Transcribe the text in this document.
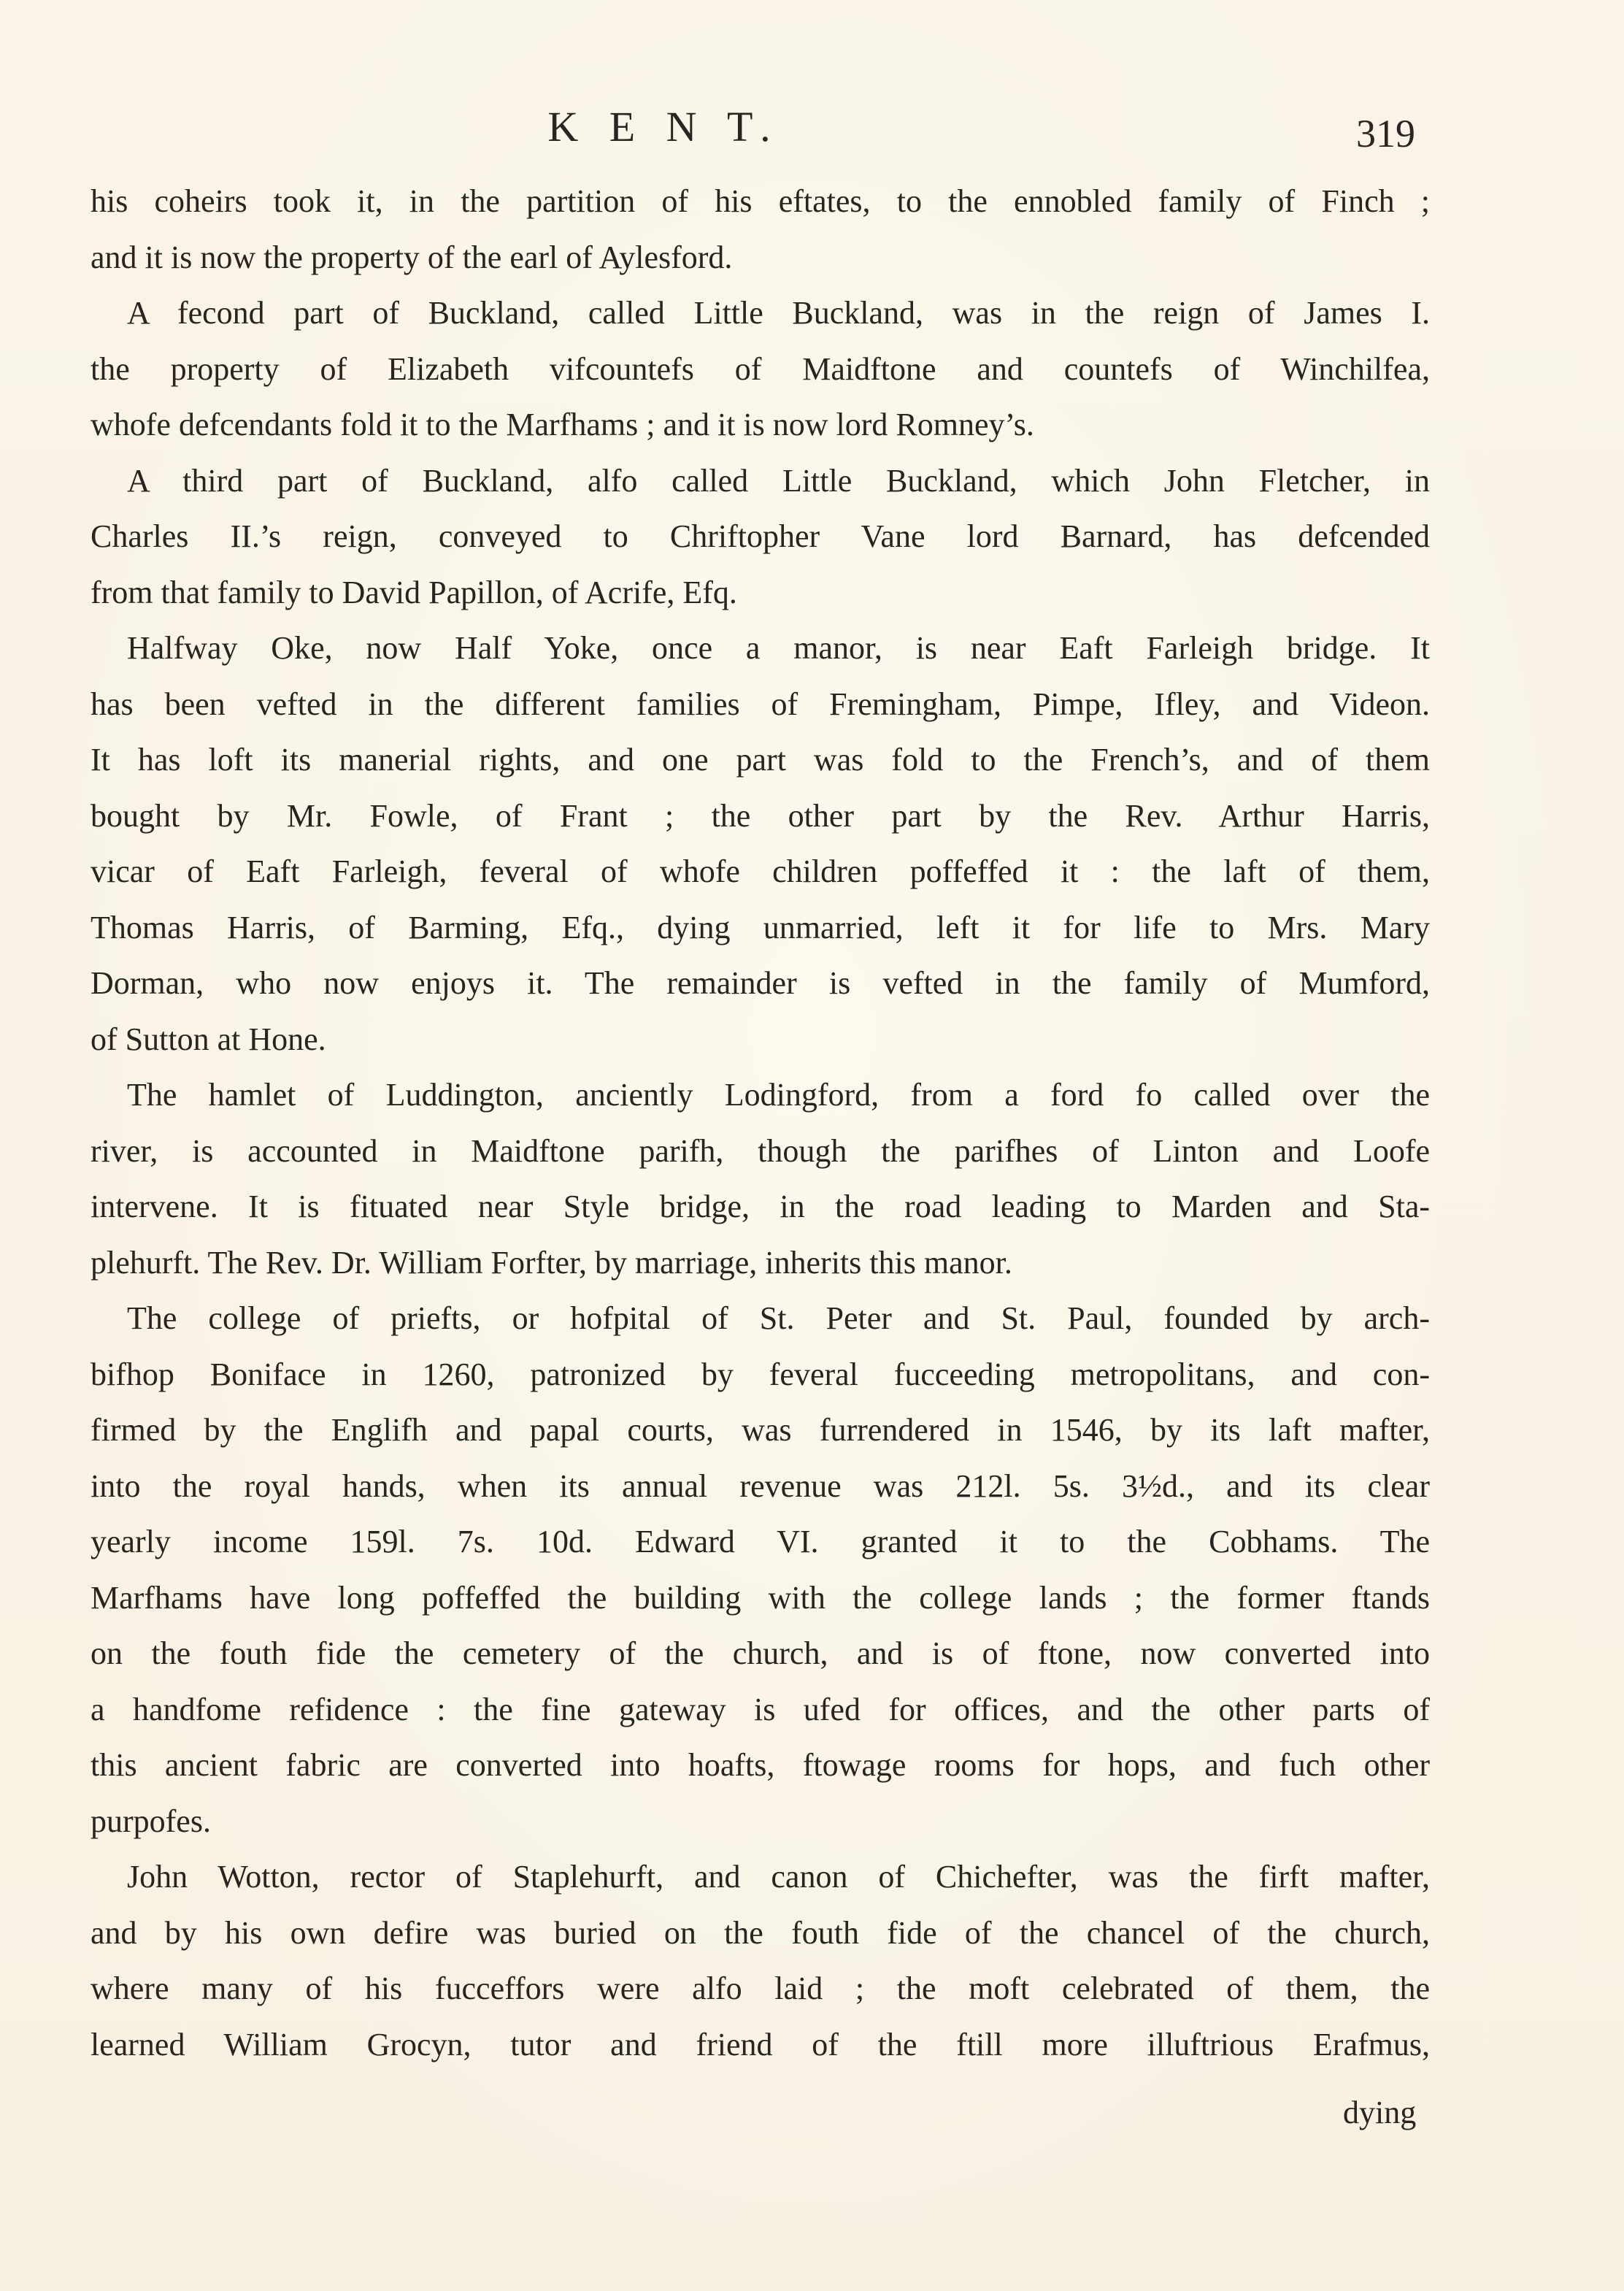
K E N T.	319
his coheirs took it, in the partition of his eftates, to the ennobled family of Finch ;
and it is now the property of the earl of Aylesford.
A fecond part of Buckland, called Little Buckland, was in the reign of James I.
the property of Elizabeth vifcountefs of Maidftone and countefs of Winchilfea,
whofe defcendants fold it to the Marfhams ; and it is now lord Romney’s.
A third part of Buckland, alfo called Little Buckland, which John Fletcher, in
Charles II.’s reign, conveyed to Chriftopher Vane lord Barnard, has defcended
from that family to David Papillon, of Acrife, Efq.
Halfway Oke, now Half Yoke, once a manor, is near Eaft Farleigh bridge. It
has been vefted in the different families of Fremingham, Pimpe, Ifley, and Videon.
It has loft its manerial rights, and one part was fold to the French’s, and of them
bought by Mr. Fowle, of Frant ; the other part by the Rev. Arthur Harris,
vicar of Eaft Farleigh, feveral of whofe children poffeffed it : the laft of them,
Thomas Harris, of Barming, Efq., dying unmarried, left it for life to Mrs. Mary
Dorman, who now enjoys it. The remainder is vefted in the family of Mumford,
of Sutton at Hone.
The hamlet of Luddington, anciently Lodingford, from a ford fo called over the
river, is accounted in Maidftone parifh, though the parifhes of Linton and Loofe
intervene. It is fituated near Style bridge, in the road leading to Marden and Sta-
plehurft. The Rev. Dr. William Forfter, by marriage, inherits this manor.
The college of priefts, or hofpital of St. Peter and St. Paul, founded by arch-
bifhop Boniface in 1260, patronized by feveral fucceeding metropolitans, and con-
firmed by the Englifh and papal courts, was furrendered in 1546, by its laft mafter,
into the royal hands, when its annual revenue was 212l. 5s. 3½d., and its clear
yearly income 159l. 7s. 10d. Edward VI. granted it to the Cobhams. The
Marfhams have long poffeffed the building with the college lands ; the former ftands
on the fouth fide the cemetery of the church, and is of ftone, now converted into
a handfome refidence : the fine gateway is ufed for offices, and the other parts of
this ancient fabric are converted into hoafts, ftowage rooms for hops, and fuch other
purpofes.
John Wotton, rector of Staplehurft, and canon of Chichefter, was the firft mafter,
and by his own defire was buried on the fouth fide of the chancel of the church,
where many of his fucceffors were alfo laid ; the moft celebrated of them, the
learned William Grocyn, tutor and friend of the ftill more illuftrious Erafmus,
dying
